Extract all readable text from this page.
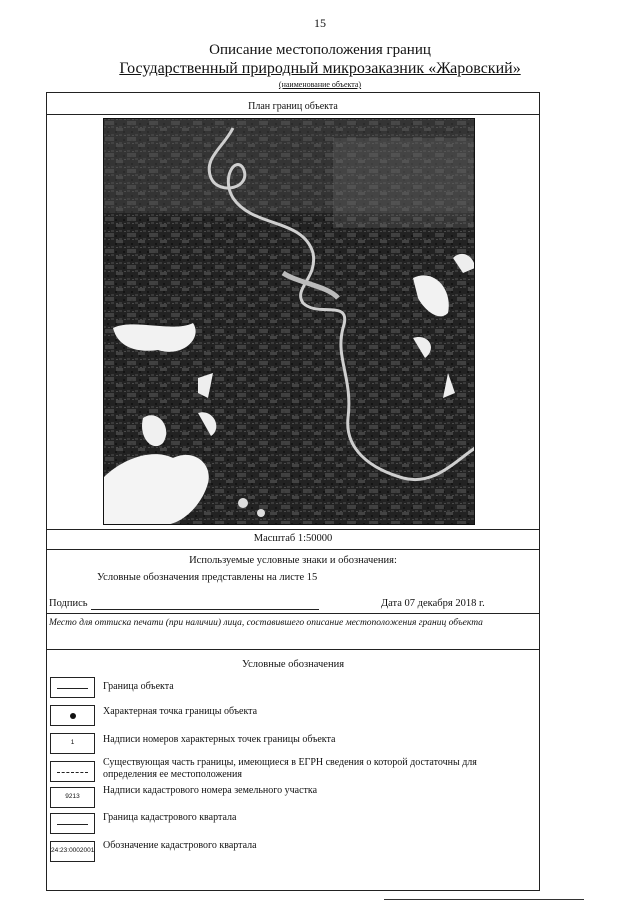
15
Описание местоположения границ
Государственный природный микрозаказник «Жаровский»
(наименование объекта)
План границ объекта
Масштаб 1:50000
Используемые условные знаки и обозначения:
Условные обозначения представлены на листе 15
Подпись	Дата 07 декабря 2018 г.
Место для оттиска печати (при наличии) лица, составившего описание местоположения границ объекта
Условные обозначения
Граница объекта
Характерная точка границы объекта
1	Надписи номеров характерных точек границы объекта
Существующая часть границы, имеющиеся в ЕГРН сведения о которой достаточны для определения ее местоположения
9213
Надписи кадастрового номера земельного участка
Граница кадастрового квартала
24:23:0002001 Обозначение кадастрового квартала
